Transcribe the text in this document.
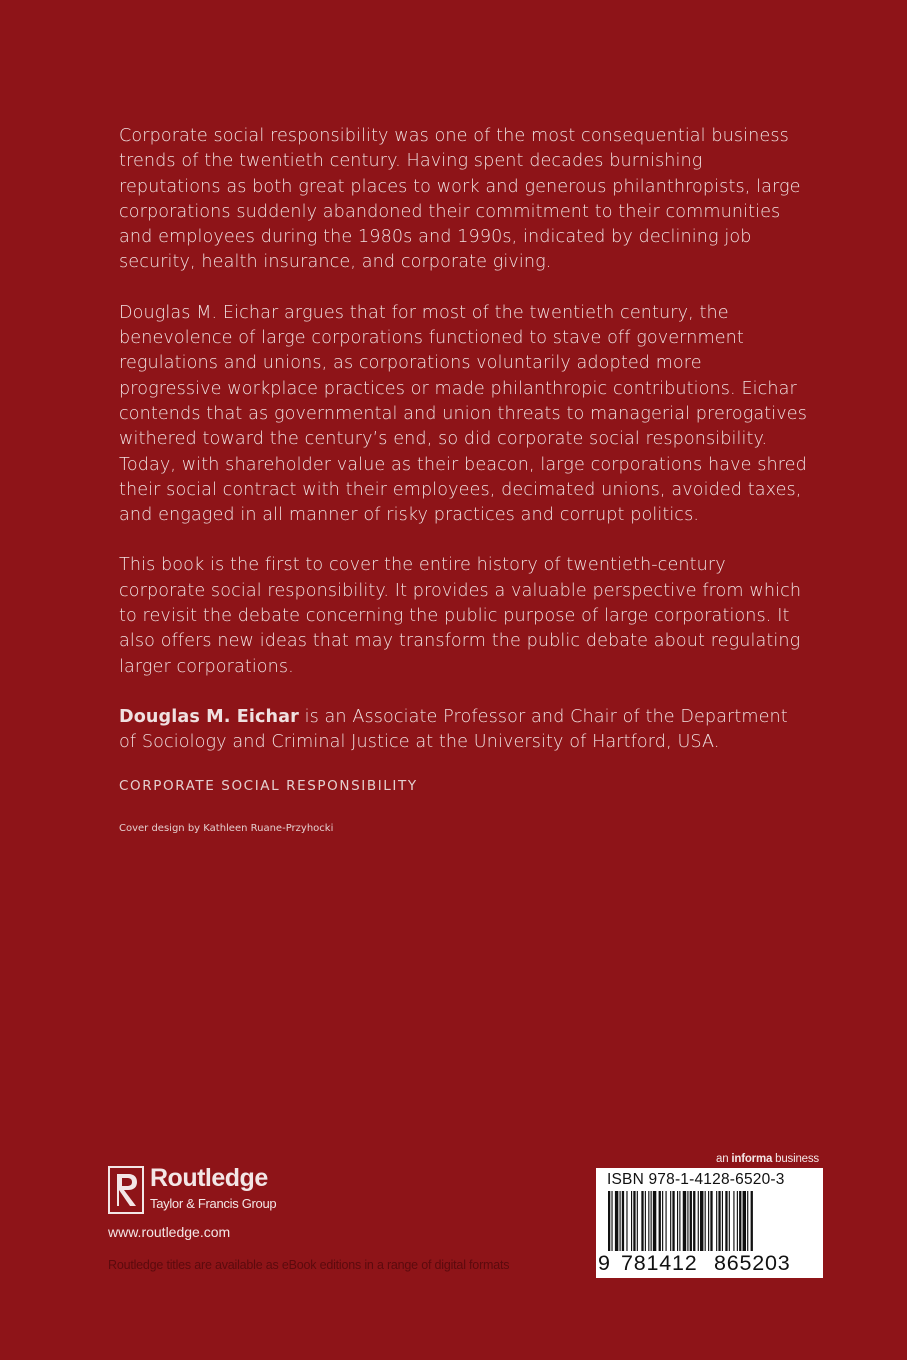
Corporate social responsibility was one of the most consequential business trends of the twentieth century. Having spent decades burnishing reputations as both great places to work and generous philanthropists, large corporations suddenly abandoned their commitment to their communities and employees during the 1980s and 1990s, indicated by declining job security, health insurance, and corporate giving.

Douglas M. Eichar argues that for most of the twentieth century, the benevolence of large corporations functioned to stave off government regulations and unions, as corporations voluntarily adopted more progressive workplace practices or made philanthropic contributions. Eichar contends that as governmental and union threats to managerial prerogatives withered toward the century’s end, so did corporate social responsibility. Today, with shareholder value as their beacon, large corporations have shred their social contract with their employees, decimated unions, avoided taxes, and engaged in all manner of risky practices and corrupt politics.

This book is the first to cover the entire history of twentieth-century corporate social responsibility. It provides a valuable perspective from which to revisit the debate concerning the public purpose of large corporations. It also offers new ideas that may transform the public debate about regulating larger corporations.

Douglas M. Eichar is an Associate Professor and Chair of the Department of Sociology and Criminal Justice at the University of Hartford, USA.

CORPORATE SOCIAL RESPONSIBILITY
Cover design by Kathleen Ruane-Przyhocki
Routledge
Taylor & Francis Group
www.routledge.com
Routledge titles are available as eBook editions in a range of digital formats
an informa business
ISBN 978-1-4128-6520-3
9 781412 865203
